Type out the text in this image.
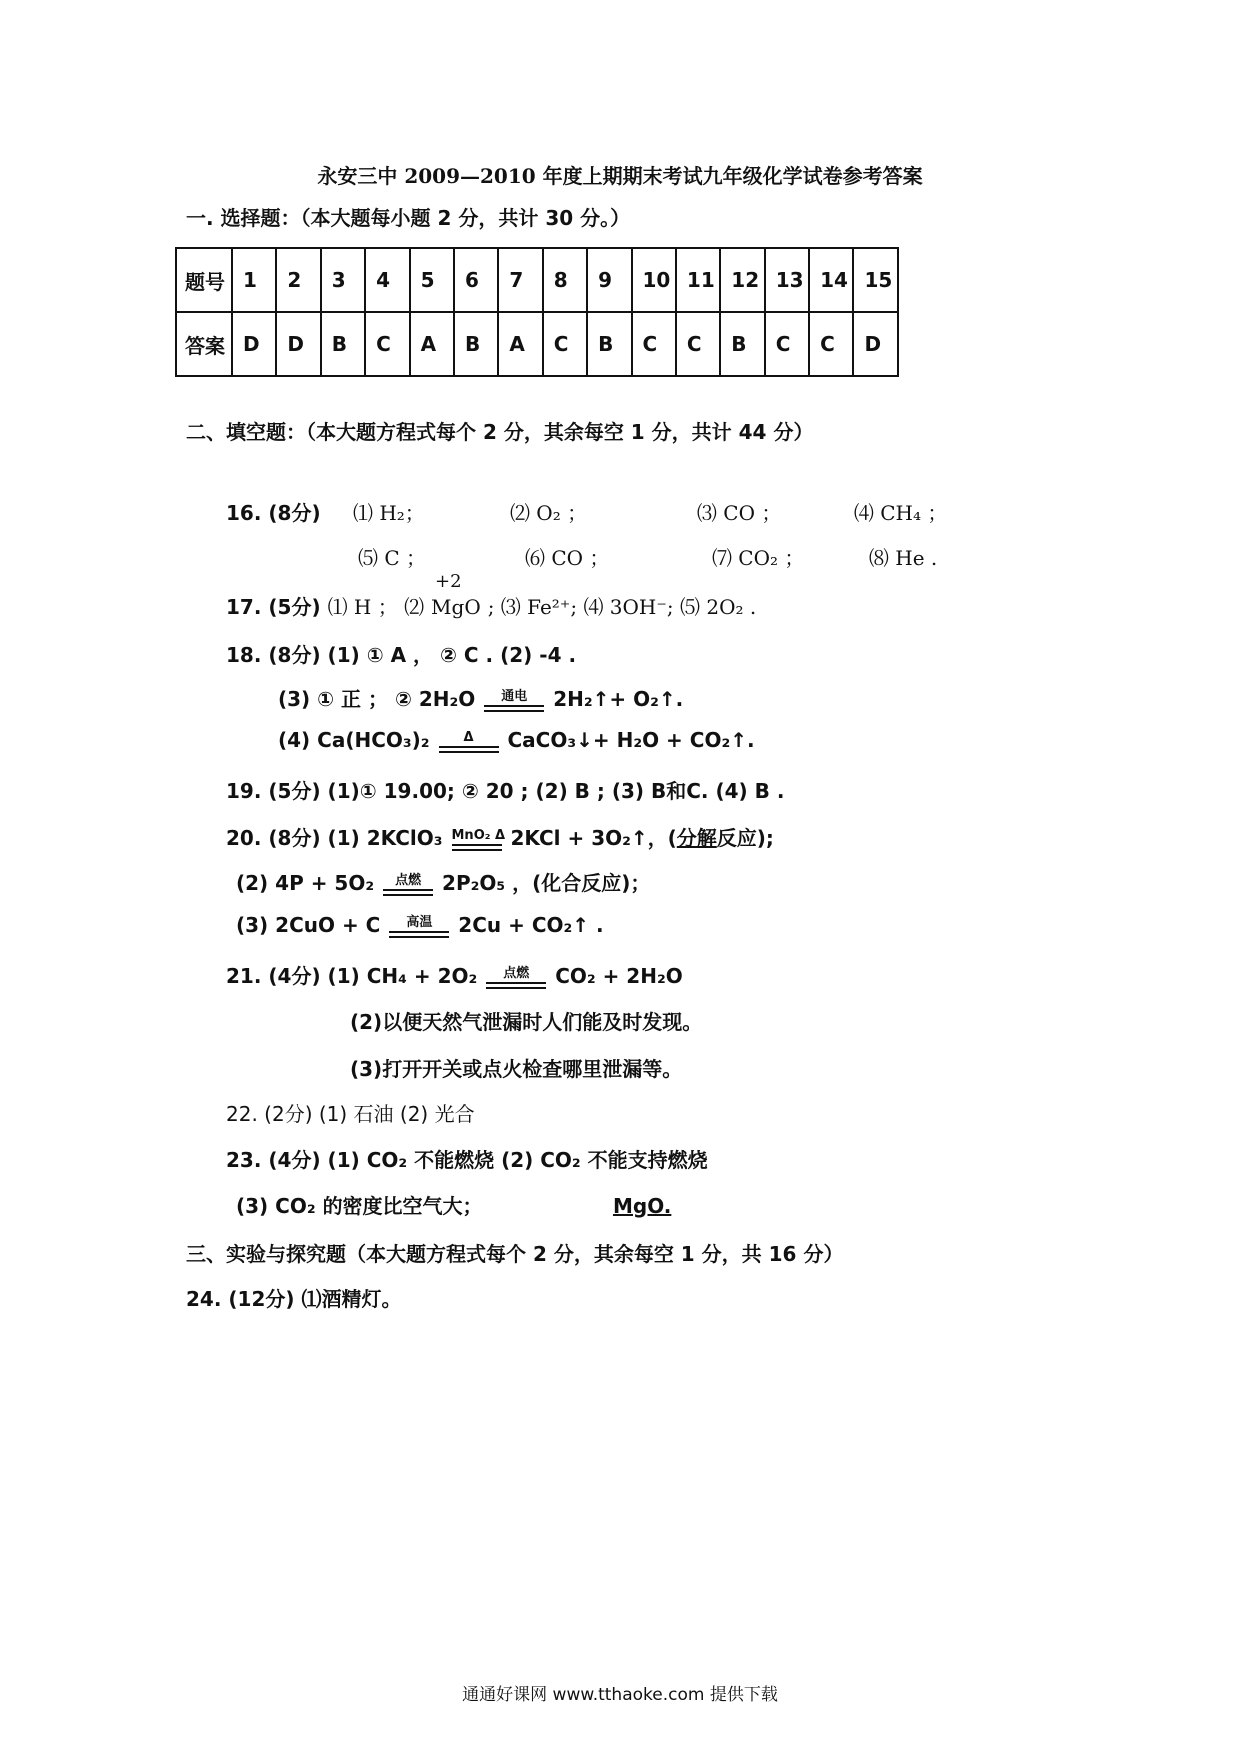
永安三中 2009—2010 年度上期期末考试九年级化学试卷参考答案
一. 选择题：（本大题每小题 2 分，共计 30 分。）
题号	1	2	3	4	5	6	7	8	9	10	11	12	13	14	15
答案	D	D	B	C	A	B	A	C	B	C	C	B	C	C	D
二、填空题：（本大题方程式每个 2 分，其余每空 1 分，共计 44 分）
16. (8分) ⑴ H₂；	⑵ O₂ ；	⑶ CO ；	⑷ CH₄ ；
⑸ C ；	⑹ CO ；	⑺ CO₂ ；	⑻ He .
17. (5分) ⑴ H ； ⑵
+2
MgO ; ⑶ Fe²⁺; ⑷ 3OH⁻; ⑸ 2O₂ .
18. (8分) (1) ① A ， ② C . (2) -4 .
(3) ① 正 ； ② 2H₂O	通电	2H₂↑+ O₂↑.
(4) Ca(HCO₃)₂	Δ	CaCO₃↓+ H₂O + CO₂↑.
19. (5分) (1)① 19.00; ② 20 ; (2) B ; (3) B和C. (4) B .
20. (8分) (1) 2KClO₃ MnO₂ Δ 2KCl + 3O₂↑，(分解反应);
(2) 4P + 5O₂	点燃	2P₂O₅ ，(化合反应)；
(3) 2CuO + C	高温	2Cu + CO₂↑ .
21. (4分) (1) CH₄ + 2O₂	点燃	CO₂ + 2H₂O
(2)以便天然气泄漏时人们能及时发现。
(3)打开开关或点火检查哪里泄漏等。
22. (2分) (1) 石油 (2) 光合
23. (4分) (1) CO₂ 不能燃烧 (2) CO₂ 不能支持燃烧
(3) CO₂ 的密度比空气大；	MgO.
三、实验与探究题（本大题方程式每个 2 分，其余每空 1 分，共 16 分）
24. (12分) ⑴酒精灯。
通通好课网 www.tthaoke.com 提供下载
